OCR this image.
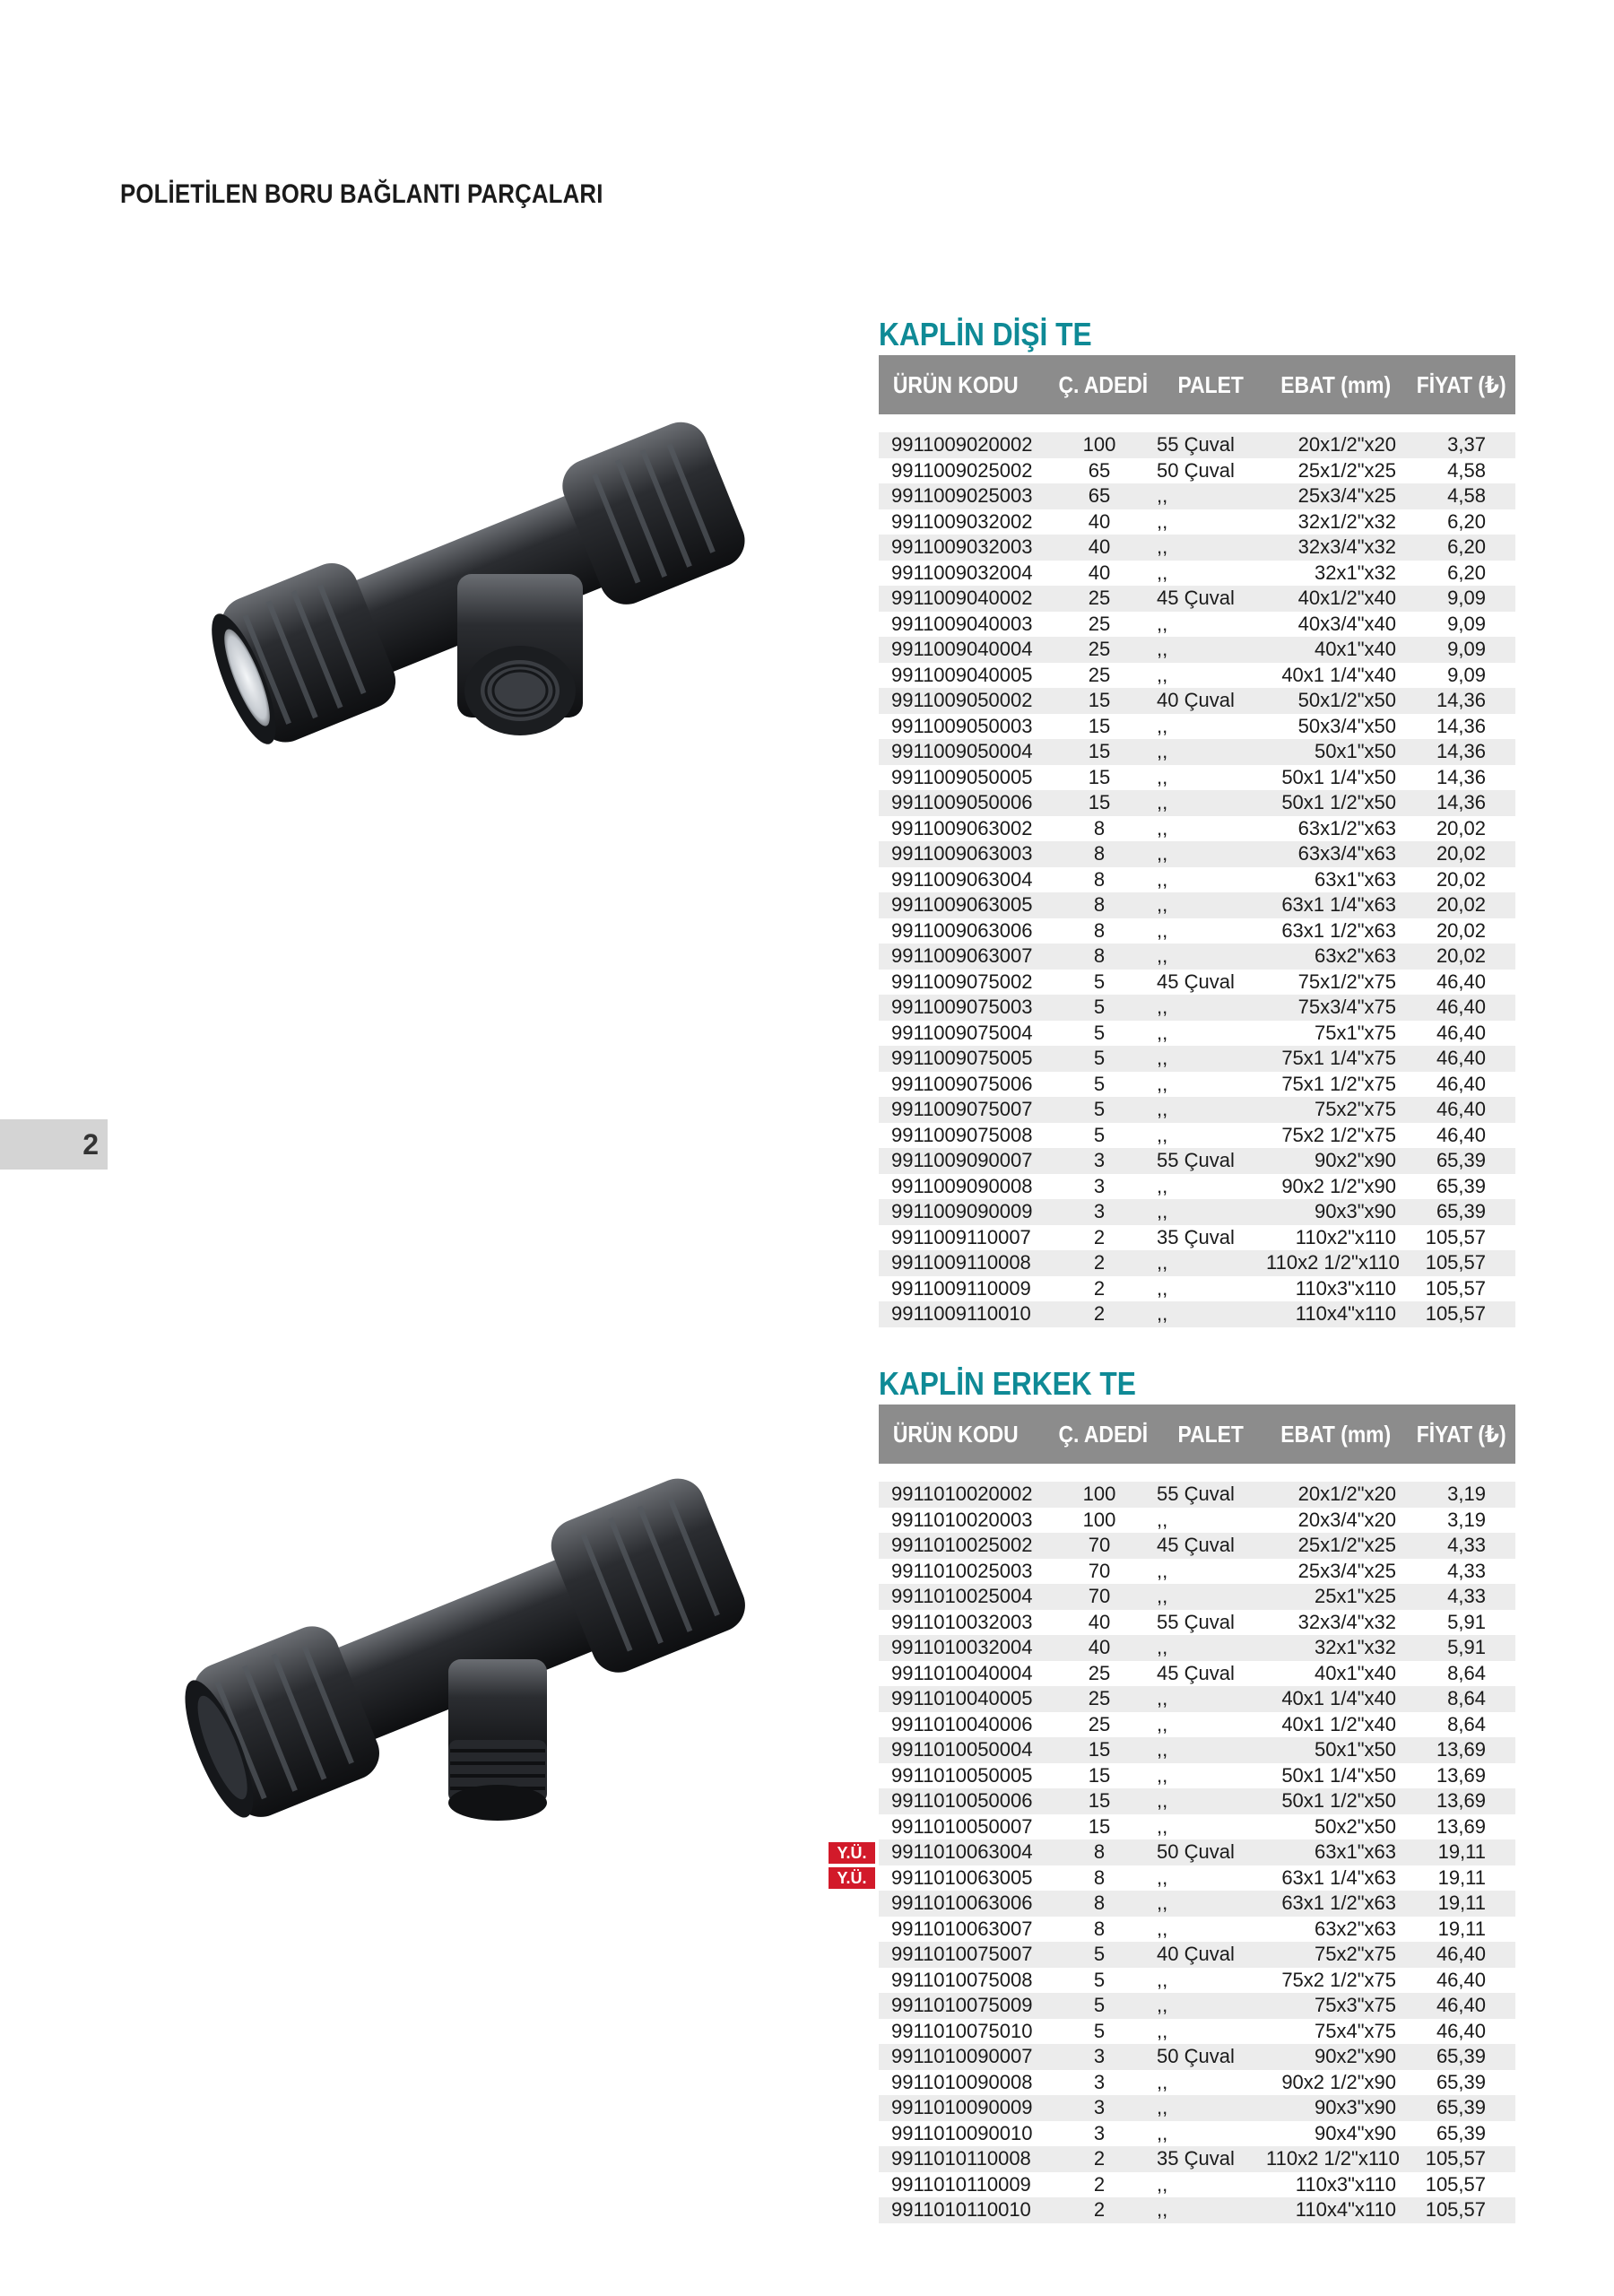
POLİETİLEN BORU BAĞLANTI PARÇALARI
2
KAPLİN DİŞİ TE
ÜRÜN KODU	Ç. ADEDİ	PALET	EBAT (mm)	FİYAT (₺)
9911009020002	100	55 Çuval	20x1/2"x20	3,37
9911009025002	65	50 Çuval	25x1/2"x25	4,58
9911009025003	65	,,	25x3/4"x25	4,58
9911009032002	40	,,	32x1/2"x32	6,20
9911009032003	40	,,	32x3/4"x32	6,20
9911009032004	40	,,	32x1"x32	6,20
9911009040002	25	45 Çuval	40x1/2"x40	9,09
9911009040003	25	,,	40x3/4"x40	9,09
9911009040004	25	,,	40x1"x40	9,09
9911009040005	25	,,	40x1 1/4"x40	9,09
9911009050002	15	40 Çuval	50x1/2"x50	14,36
9911009050003	15	,,	50x3/4"x50	14,36
9911009050004	15	,,	50x1"x50	14,36
9911009050005	15	,,	50x1 1/4"x50	14,36
9911009050006	15	,,	50x1 1/2"x50	14,36
9911009063002	8	,,	63x1/2"x63	20,02
9911009063003	8	,,	63x3/4"x63	20,02
9911009063004	8	,,	63x1"x63	20,02
9911009063005	8	,,	63x1 1/4"x63	20,02
9911009063006	8	,,	63x1 1/2"x63	20,02
9911009063007	8	,,	63x2"x63	20,02
9911009075002	5	45 Çuval	75x1/2"x75	46,40
9911009075003	5	,,	75x3/4"x75	46,40
9911009075004	5	,,	75x1"x75	46,40
9911009075005	5	,,	75x1 1/4"x75	46,40
9911009075006	5	,,	75x1 1/2"x75	46,40
9911009075007	5	,,	75x2"x75	46,40
9911009075008	5	,,	75x2 1/2"x75	46,40
9911009090007	3	55 Çuval	90x2"x90	65,39
9911009090008	3	,,	90x2 1/2"x90	65,39
9911009090009	3	,,	90x3"x90	65,39
9911009110007	2	35 Çuval	110x2"x110	105,57
9911009110008	2	,,	110x2 1/2"x110	105,57
9911009110009	2	,,	110x3"x110	105,57
9911009110010	2	,,	110x4"x110	105,57
KAPLİN ERKEK TE
ÜRÜN KODU	Ç. ADEDİ	PALET	EBAT (mm)	FİYAT (₺)
9911010020002	100	55 Çuval	20x1/2"x20	3,19
9911010020003	100	,,	20x3/4"x20	3,19
9911010025002	70	45 Çuval	25x1/2"x25	4,33
9911010025003	70	,,	25x3/4"x25	4,33
9911010025004	70	,,	25x1"x25	4,33
9911010032003	40	55 Çuval	32x3/4"x32	5,91
9911010032004	40	,,	32x1"x32	5,91
9911010040004	25	45 Çuval	40x1"x40	8,64
9911010040005	25	,,	40x1 1/4"x40	8,64
9911010040006	25	,,	40x1 1/2"x40	8,64
9911010050004	15	,,	50x1"x50	13,69
9911010050005	15	,,	50x1 1/4"x50	13,69
9911010050006	15	,,	50x1 1/2"x50	13,69
9911010050007	15	,,	50x2"x50	13,69
9911010063004	8	50 Çuval	63x1"x63	19,11
9911010063005	8	,,	63x1 1/4"x63	19,11
9911010063006	8	,,	63x1 1/2"x63	19,11
9911010063007	8	,,	63x2"x63	19,11
9911010075007	5	40 Çuval	75x2"x75	46,40
9911010075008	5	,,	75x2 1/2"x75	46,40
9911010075009	5	,,	75x3"x75	46,40
9911010075010	5	,,	75x4"x75	46,40
9911010090007	3	50 Çuval	90x2"x90	65,39
9911010090008	3	,,	90x2 1/2"x90	65,39
9911010090009	3	,,	90x3"x90	65,39
9911010090010	3	,,	90x4"x90	65,39
9911010110008	2	35 Çuval	110x2 1/2"x110	105,57
9911010110009	2	,,	110x3"x110	105,57
9911010110010	2	,,	110x4"x110	105,57
Y.Ü.
Y.Ü.
